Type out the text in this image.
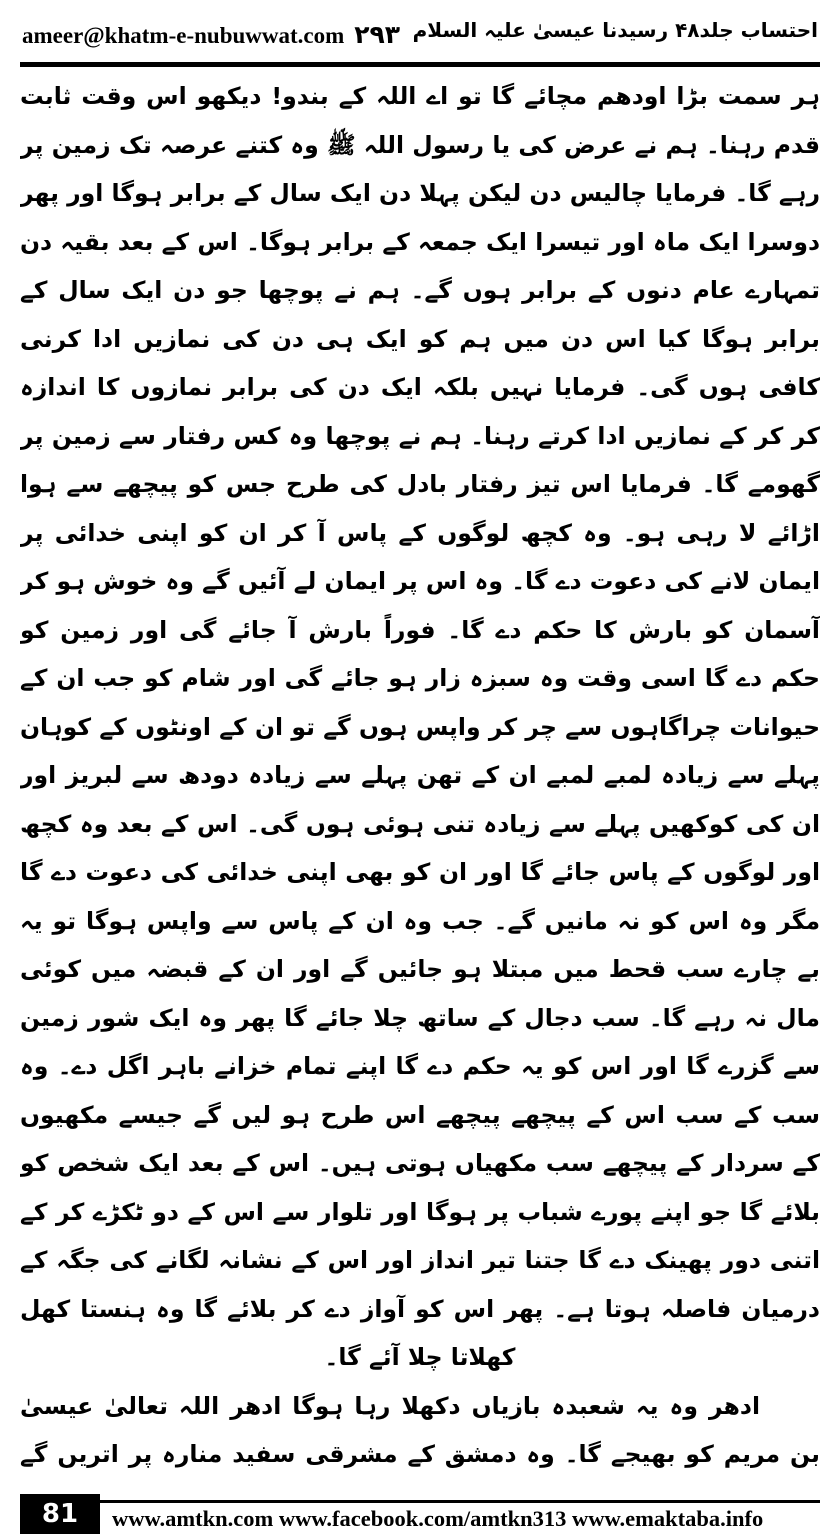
ameer@khatm-e-nubuwwat.com ۲۹۳ احتساب جلد۴۸ رسیدنا عیسیٰ علیہ السلام

ہر سمت بڑا اودھم مچائے گا تو اے اللہ کے بندو! دیکھو اس وقت ثابت قدم رہنا۔ ہم نے عرض کی یا رسول اللہ ﷺ وہ کتنے عرصہ تک زمین پر رہے گا۔ فرمایا چالیس دن لیکن پہلا دن ایک سال کے برابر ہوگا اور پھر دوسرا ایک ماہ اور تیسرا ایک جمعہ کے برابر ہوگا۔ اس کے بعد بقیہ دن تمہارے عام دنوں کے برابر ہوں گے۔ ہم نے پوچھا جو دن ایک سال کے برابر ہوگا کیا اس دن میں ہم کو ایک ہی دن کی نمازیں ادا کرنی کافی ہوں گی۔ فرمایا نہیں بلکہ ایک دن کی برابر نمازوں کا اندازہ کر کر کے نمازیں ادا کرتے رہنا۔ ہم نے پوچھا وہ کس رفتار سے زمین پر گھومے گا۔ فرمایا اس تیز رفتار بادل کی طرح جس کو پیچھے سے ہوا اڑائے لا رہی ہو۔ وہ کچھ لوگوں کے پاس آ کر ان کو اپنی خدائی پر ایمان لانے کی دعوت دے گا۔ وہ اس پر ایمان لے آئیں گے وہ خوش ہو کر آسمان کو بارش کا حکم دے گا۔ فوراً بارش آ جائے گی اور زمین کو حکم دے گا اسی وقت وہ سبزہ زار ہو جائے گی اور شام کو جب ان کے حیوانات چراگاہوں سے چر کر واپس ہوں گے تو ان کے اونٹوں کے کوہان پہلے سے زیادہ لمبے لمبے ان کے تھن پہلے سے زیادہ دودھ سے لبریز اور ان کی کوکھیں پہلے سے زیادہ تنی ہوئی ہوں گی۔ اس کے بعد وہ کچھ اور لوگوں کے پاس جائے گا اور ان کو بھی اپنی خدائی کی دعوت دے گا مگر وہ اس کو نہ مانیں گے۔ جب وہ ان کے پاس سے واپس ہوگا تو یہ بے چارے سب قحط میں مبتلا ہو جائیں گے اور ان کے قبضہ میں کوئی مال نہ رہے گا۔ سب دجال کے ساتھ چلا جائے گا پھر وہ ایک شور زمین سے گزرے گا اور اس کو یہ حکم دے گا اپنے تمام خزانے باہر اگل دے۔ وہ سب کے سب اس کے پیچھے پیچھے اس طرح ہو لیں گے جیسے مکھیوں کے سردار کے پیچھے سب مکھیاں ہوتی ہیں۔ اس کے بعد ایک شخص کو بلائے گا جو اپنے پورے شباب پر ہوگا اور تلوار سے اس کے دو ٹکڑے کر کے اتنی دور پھینک دے گا جتنا تیر انداز اور اس کے نشانہ لگانے کی جگہ کے درمیان فاصلہ ہوتا ہے۔ پھر اس کو آواز دے کر بلائے گا وہ ہنستا کھل کھلاتا چلا آئے گا۔

ادھر وہ یہ شعبدہ بازیاں دکھلا رہا ہوگا ادھر اللہ تعالیٰ عیسیٰ بن مریم کو بھیجے گا۔ وہ دمشق کے مشرقی سفید منارہ پر اتریں گے

81	www.amtkn.com www.facebook.com/amtkn313 www.emaktaba.info
